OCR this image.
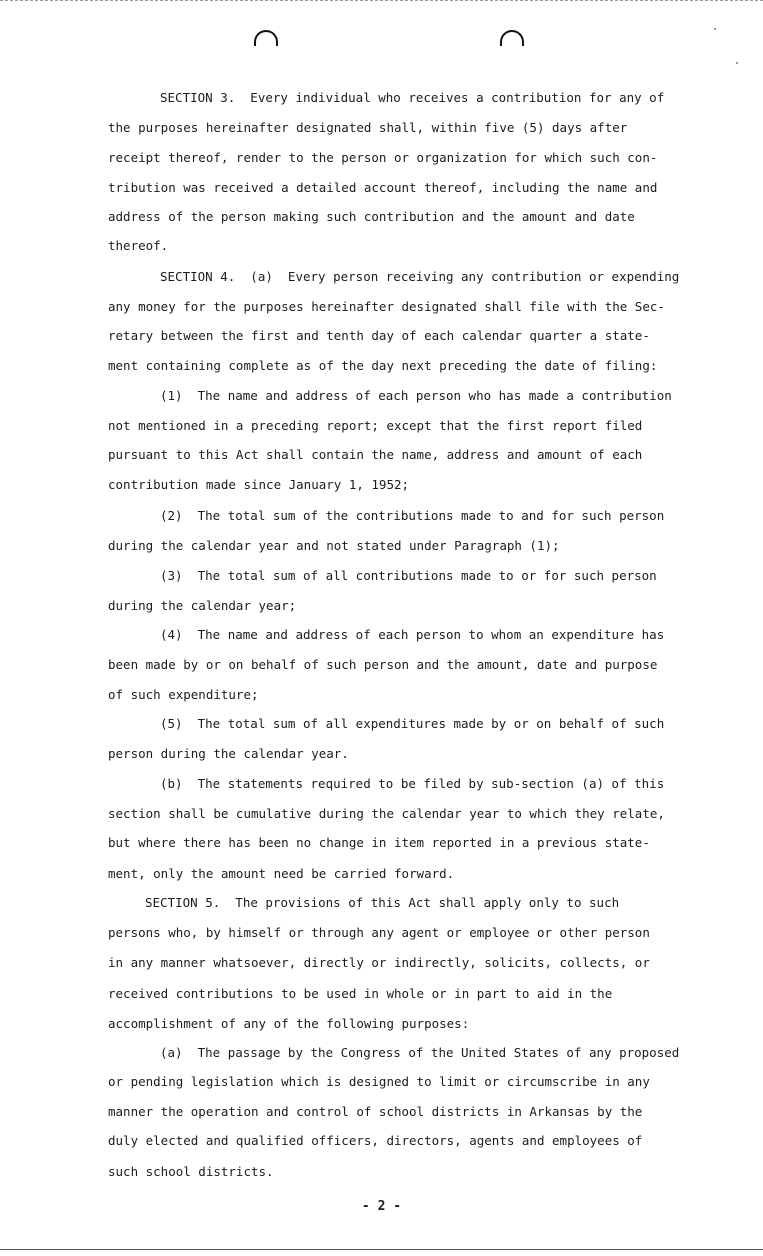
SECTION 3.  Every individual who receives a contribution for any of
the purposes hereinafter designated shall, within five (5) days after
receipt thereof, render to the person or organization for which such con-
tribution was received a detailed account thereof, including the name and
address of the person making such contribution and the amount and date
thereof.
SECTION 4.  (a)  Every person receiving any contribution or expending
any money for the purposes hereinafter designated shall file with the Sec-
retary between the first and tenth day of each calendar quarter a state-
ment containing complete as of the day next preceding the date of filing:
(1)  The name and address of each person who has made a contribution
not mentioned in a preceding report; except that the first report filed
pursuant to this Act shall contain the name, address and amount of each
contribution made since January 1, 1952;
(2)  The total sum of the contributions made to and for such person
during the calendar year and not stated under Paragraph (1);
(3)  The total sum of all contributions made to or for such person
during the calendar year;
(4)  The name and address of each person to whom an expenditure has
been made by or on behalf of such person and the amount, date and purpose
of such expenditure;
(5)  The total sum of all expenditures made by or on behalf of such
person during the calendar year.
(b)  The statements required to be filed by sub-section (a) of this
section shall be cumulative during the calendar year to which they relate,
but where there has been no change in item reported in a previous state-
ment, only the amount need be carried forward.
SECTION 5.  The provisions of this Act shall apply only to such
persons who, by himself or through any agent or employee or other person
in any manner whatsoever, directly or indirectly, solicits, collects, or
received contributions to be used in whole or in part to aid in the
accomplishment of any of the following purposes:
(a)  The passage by the Congress of the United States of any proposed
or pending legislation which is designed to limit or circumscribe in any
manner the operation and control of school districts in Arkansas by the
duly elected and qualified officers, directors, agents and employees of
such school districts.
- 2 -
